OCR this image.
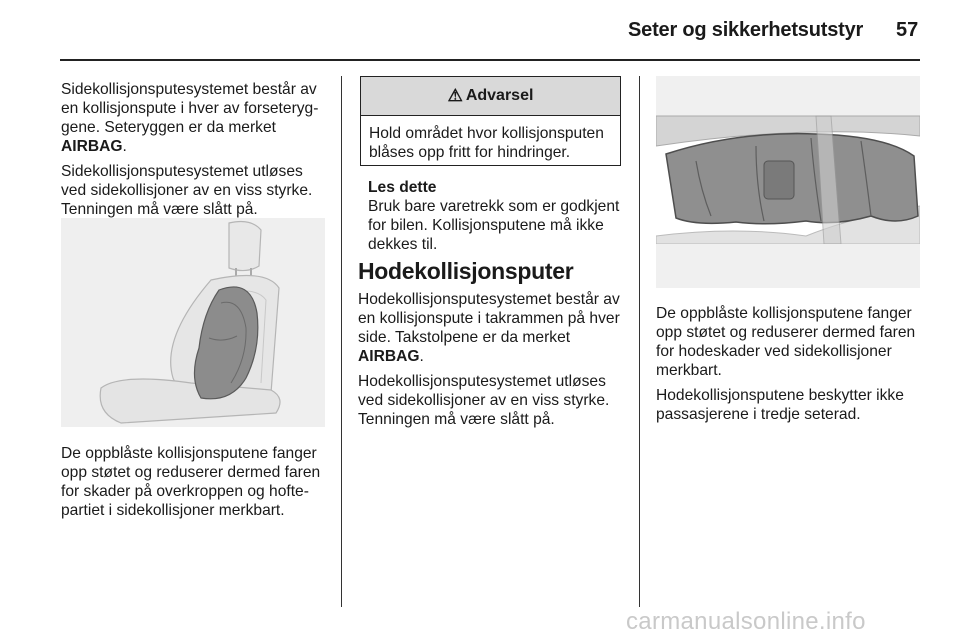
Seter og sikkerhetsutstyr 57

Sidekollisjonsputesystemet består av en kollisjonspute i hver av forseteryg- gene. Seteryggen er da merket AIRBAG.

Sidekollisjonsputesystemet utløses ved sidekollisjoner av en viss styrke. Tenningen må være slått på.

De oppblåste kollisjonsputene fanger opp støtet og reduserer dermed faren for skader på overkroppen og hofte- partiet i sidekollisjoner merkbart.
⚠ Advarsel
Hold området hvor kollisjonsputen blåses opp fritt for hindringer.

Les dette

Bruk bare varetrekk som er godkjent for bilen. Kollisjonsputene må ikke dekkes til.

Hodekollisjonsputer

Hodekollisjonsputesystemet består av en kollisjonspute i takrammen på hver side. Takstolpene er da merket AIRBAG.

Hodekollisjonsputesystemet utløses ved sidekollisjoner av en viss styrke. Tenningen må være slått på.

De oppblåste kollisjonsputene fanger opp støtet og reduserer dermed faren for hodeskader ved sidekollisjoner merkbart.

Hodekollisjonsputene beskytter ikke passasjerene i tredje seterad.

carmanualsonline.info
